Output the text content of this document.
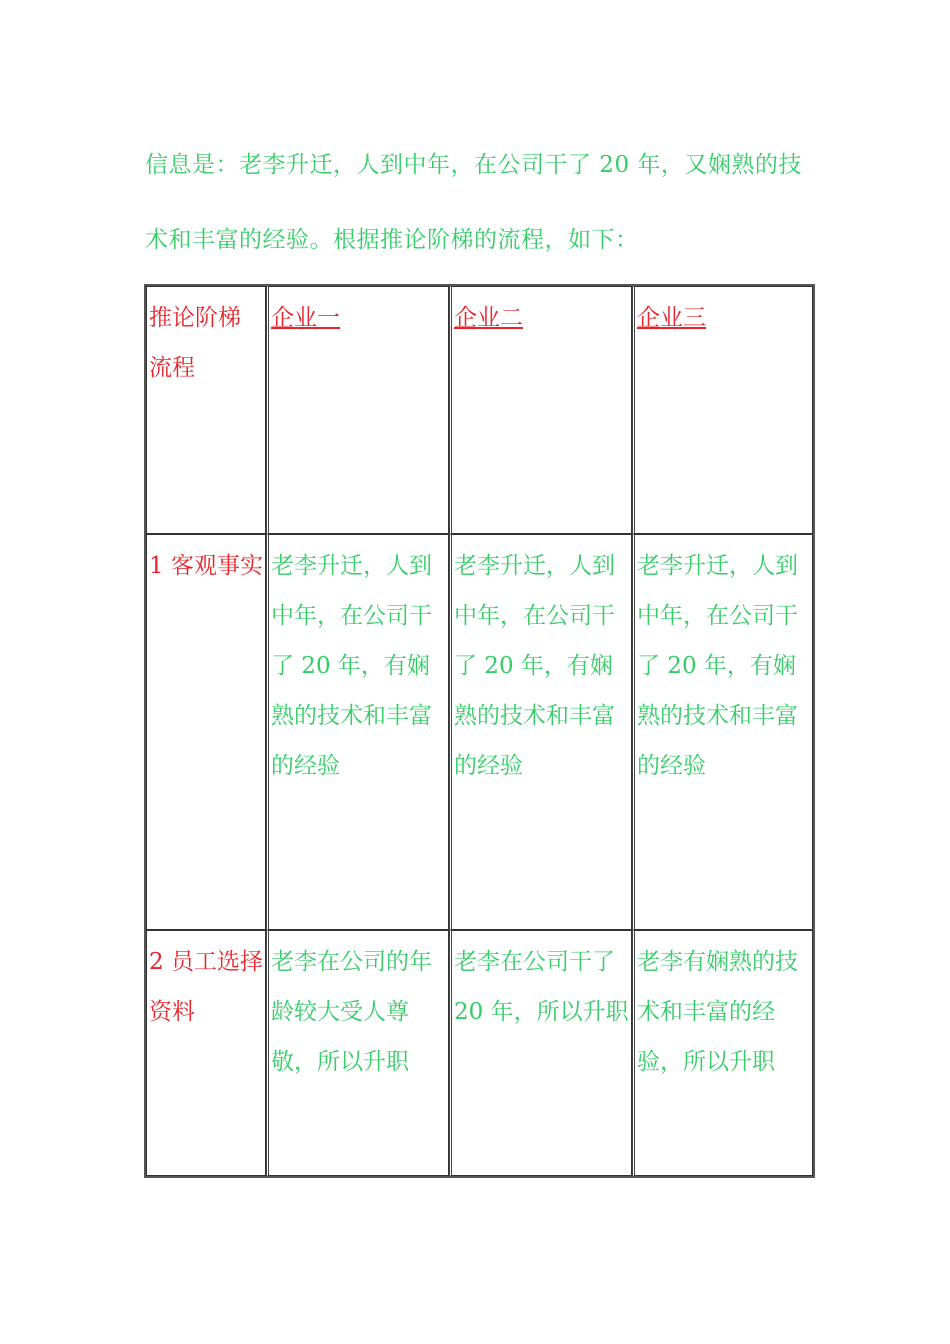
信息是：老李升迁，人到中年，在公司干了 20 年，又娴熟的技
术和丰富的经验。根据推论阶梯的流程，如下：
推论阶梯流程	企业一	企业二	企业三
1 客观事实	老李升迁，人到中年，在公司干了 20 年，有娴熟的技术和丰富的经验	老李升迁，人到中年，在公司干了 20 年，有娴熟的技术和丰富的经验	老李升迁，人到中年，在公司干了 20 年，有娴熟的技术和丰富的经验
2 员工选择资料	老李在公司的年龄较大受人尊敬，所以升职	老李在公司干了20 年，所以升职	老李有娴熟的技术和丰富的经验，所以升职
